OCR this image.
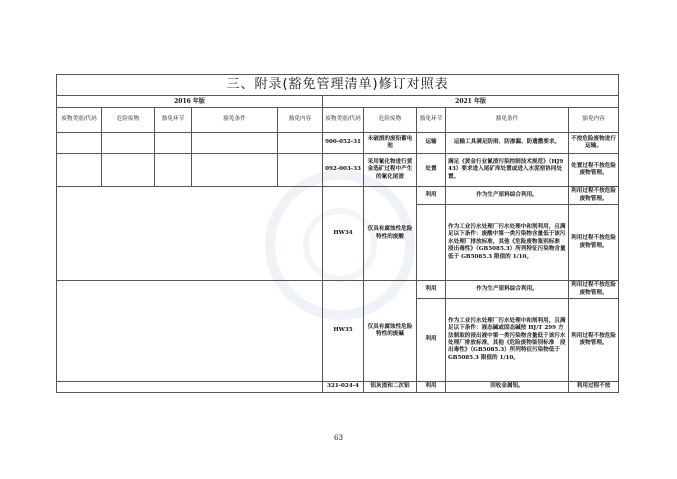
三、附录(豁免管理清单)修订对照表									
2016 年版					2021 年版				
废物类别/代码	危险废物	豁免环节	豁免条件	豁免内容	废物类别/代码	危险废物	豁免环节	豁免条件	豁免内容
					900-052-31	未破损的废铅蓄电池	运输	运输工具满足防雨、防渗漏、防遗撒要求。	不按危险废物进行运输。
					092-003-33	采用氰化物进行黄金选矿过程中产生的氰化尾渣	处置	满足《黄金行业氰渣污染控制技术规范》（HJ943）要求进入尾矿库处置或进入水泥窑协同处置。	处置过程不按危险废物管理。
					HW34	仅具有腐蚀性危险特性的废酸	利用	作为生产原料综合利用。	利用过程不按危险废物管理。
								作为工业污水处理厂污水处理中和剂利用，且满足以下条件：废酸中第一类污染物含量低于该污水处理厂排放标准，其他《危险废物鉴别标准　浸出毒性》（GB5085.3）所列特征污染物含量低于 GB5085.3 限值的 1/10。	利用过程不按危险废物管理。
					HW35	仅具有腐蚀性危险特性的废碱	利用	作为生产原料综合利用。	利用过程不按危险废物管理。
							利用	作为工业污水处理厂污水处理中和剂利用，且满足以下条件：液态碱或固态碱按 HJ/T 299 方法制取的浸出液中第一类污染物含量低于该污水处理厂排放标准，其他《危险废物鉴别标准　浸出毒性》（GB5085.3）所列特征污染物低于 GB5085.3 限值的 1/10。	利用过程不按危险废物管理。
					321-024-4	铝灰渣和二次铝	利用	回收金属铝。	利用过程不按
63
